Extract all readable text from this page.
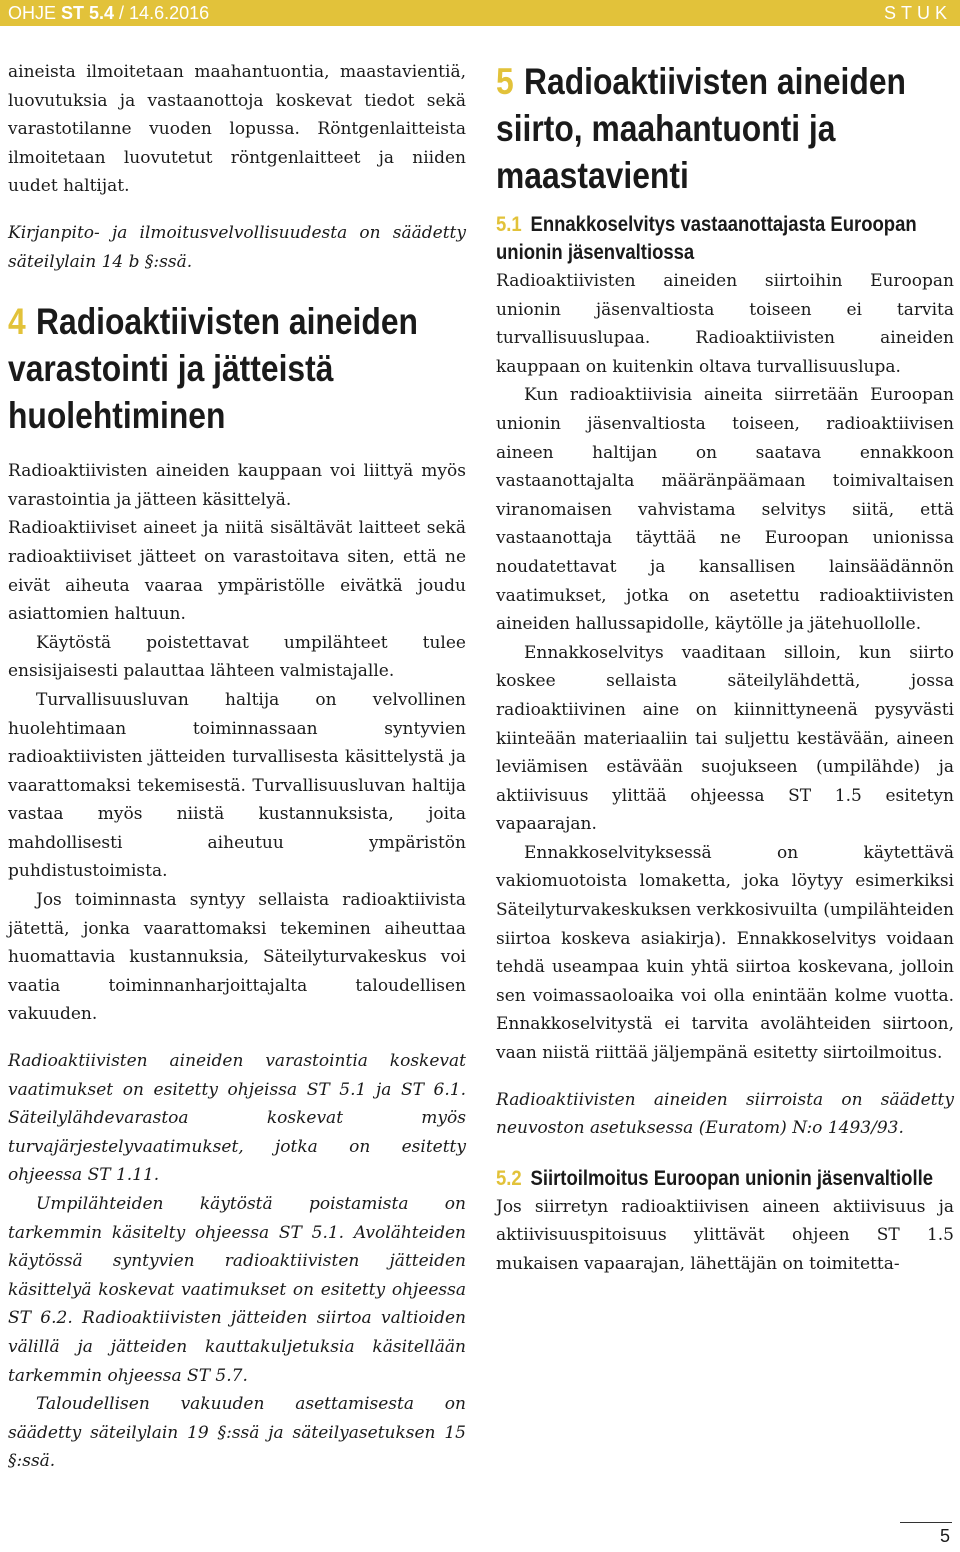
OHJE ST 5.4 / 14.6.2016	STUK

aineista ilmoitetaan maahantuontia, maastavientiä, luovutuksia ja vastaanottoja koskevat tiedot sekä varastotilanne vuoden lopussa. Röntgenlaitteista ilmoitetaan luovutetut röntgenlaitteet ja niiden uudet haltijat.

Kirjanpito- ja ilmoitusvelvollisuudesta on säädetty säteilylain 14 b §:ssä.

4 Radioaktiivisten aineiden varastointi ja jätteistä huolehtiminen

Radioaktiivisten aineiden kauppaan voi liittyä myös varastointia ja jätteen käsittelyä.

Radioaktiiviset aineet ja niitä sisältävät laitteet sekä radioaktiiviset jätteet on varastoitava siten, että ne eivät aiheuta vaaraa ympäristölle eivätkä joudu asiattomien haltuun.

Käytöstä poistettavat umpilähteet tulee ensisijaisesti palauttaa lähteen valmistajalle.

Turvallisuusluvan haltija on velvollinen huolehtimaan toiminnassaan syntyvien radioaktiivisten jätteiden turvallisesta käsittelystä ja vaarattomaksi tekemisestä. Turvallisuusluvan haltija vastaa myös niistä kustannuksista, joita mahdollisesti aiheutuu ympäristön puhdistustoimista.

Jos toiminnasta syntyy sellaista radioaktiivista jätettä, jonka vaarattomaksi tekeminen aiheuttaa huomattavia kustannuksia, Säteilyturvakeskus voi vaatia toiminnanharjoittajalta taloudellisen vakuuden.

Radioaktiivisten aineiden varastointia koskevat vaatimukset on esitetty ohjeissa ST 5.1 ja ST 6.1. Säteilylähdevarastoa koskevat myös turvajärjestelyvaatimukset, jotka on esitetty ohjeessa ST 1.11.

Umpilähteiden käytöstä poistamista on tarkemmin käsitelty ohjeessa ST 5.1. Avolähteiden käytössä syntyvien radioaktiivisten jätteiden käsittelyä koskevat vaatimukset on esitetty ohjeessa ST 6.2. Radioaktiivisten jätteiden siirtoa valtioiden välillä ja jätteiden kauttakuljetuksia käsitellään tarkemmin ohjeessa ST 5.7.

Taloudellisen vakuuden asettamisesta on säädetty säteilylain 19 §:ssä ja säteilyasetuksen 15 §:ssä.

5 Radioaktiivisten aineiden siirto, maahantuonti ja maastavienti
5.1 Ennakkoselvitys vastaanottajasta Euroopan unionin jäsenvaltiossa

Radioaktiivisten aineiden siirtoihin Euroopan unionin jäsenvaltiosta toiseen ei tarvita turvallisuuslupaa. Radioaktiivisten aineiden kauppaan on kuitenkin oltava turvallisuuslupa.

Kun radioaktiivisia aineita siirretään Euroopan unionin jäsenvaltiosta toiseen, radioaktiivisen aineen haltijan on saatava ennakkoon vastaanottajalta määränpäämaan toimivaltaisen viranomaisen vahvistama selvitys siitä, että vastaanottaja täyttää ne Euroopan unionissa noudatettavat ja kansallisen lainsäädännön vaatimukset, jotka on asetettu radioaktiivisten aineiden hallussapidolle, käytölle ja jätehuollolle.

Ennakkoselvitys vaaditaan silloin, kun siirto koskee sellaista säteilylähdettä, jossa radioaktiivinen aine on kiinnittyneenä pysyvästi kiinteään materiaaliin tai suljettu kestävään, aineen leviämisen estävään suojukseen (umpilähde) ja aktiivisuus ylittää ohjeessa ST 1.5 esitetyn vapaarajan.

Ennakkoselvityksessä on käytettävä vakiomuotoista lomaketta, joka löytyy esimerkiksi Säteilyturvakeskuksen verkkosivuilta (umpilähteiden siirtoa koskeva asiakirja). Ennakkoselvitys voidaan tehdä useampaa kuin yhtä siirtoa koskevana, jolloin sen voimassaoloaika voi olla enintään kolme vuotta. Ennakkoselvitystä ei tarvita avolähteiden siirtoon, vaan niistä riittää jäljempänä esitetty siirtoilmoitus.

Radioaktiivisten aineiden siirroista on säädetty neuvoston asetuksessa (Euratom) N:o 1493/93.

5.2 Siirtoilmoitus Euroopan unionin jäsenvaltiolle

Jos siirretyn radioaktiivisen aineen aktiivisuus ja aktiivisuuspitoisuus ylittävät ohjeen ST 1.5 mukaisen vapaarajan, lähettäjän on toimitetta-

5
